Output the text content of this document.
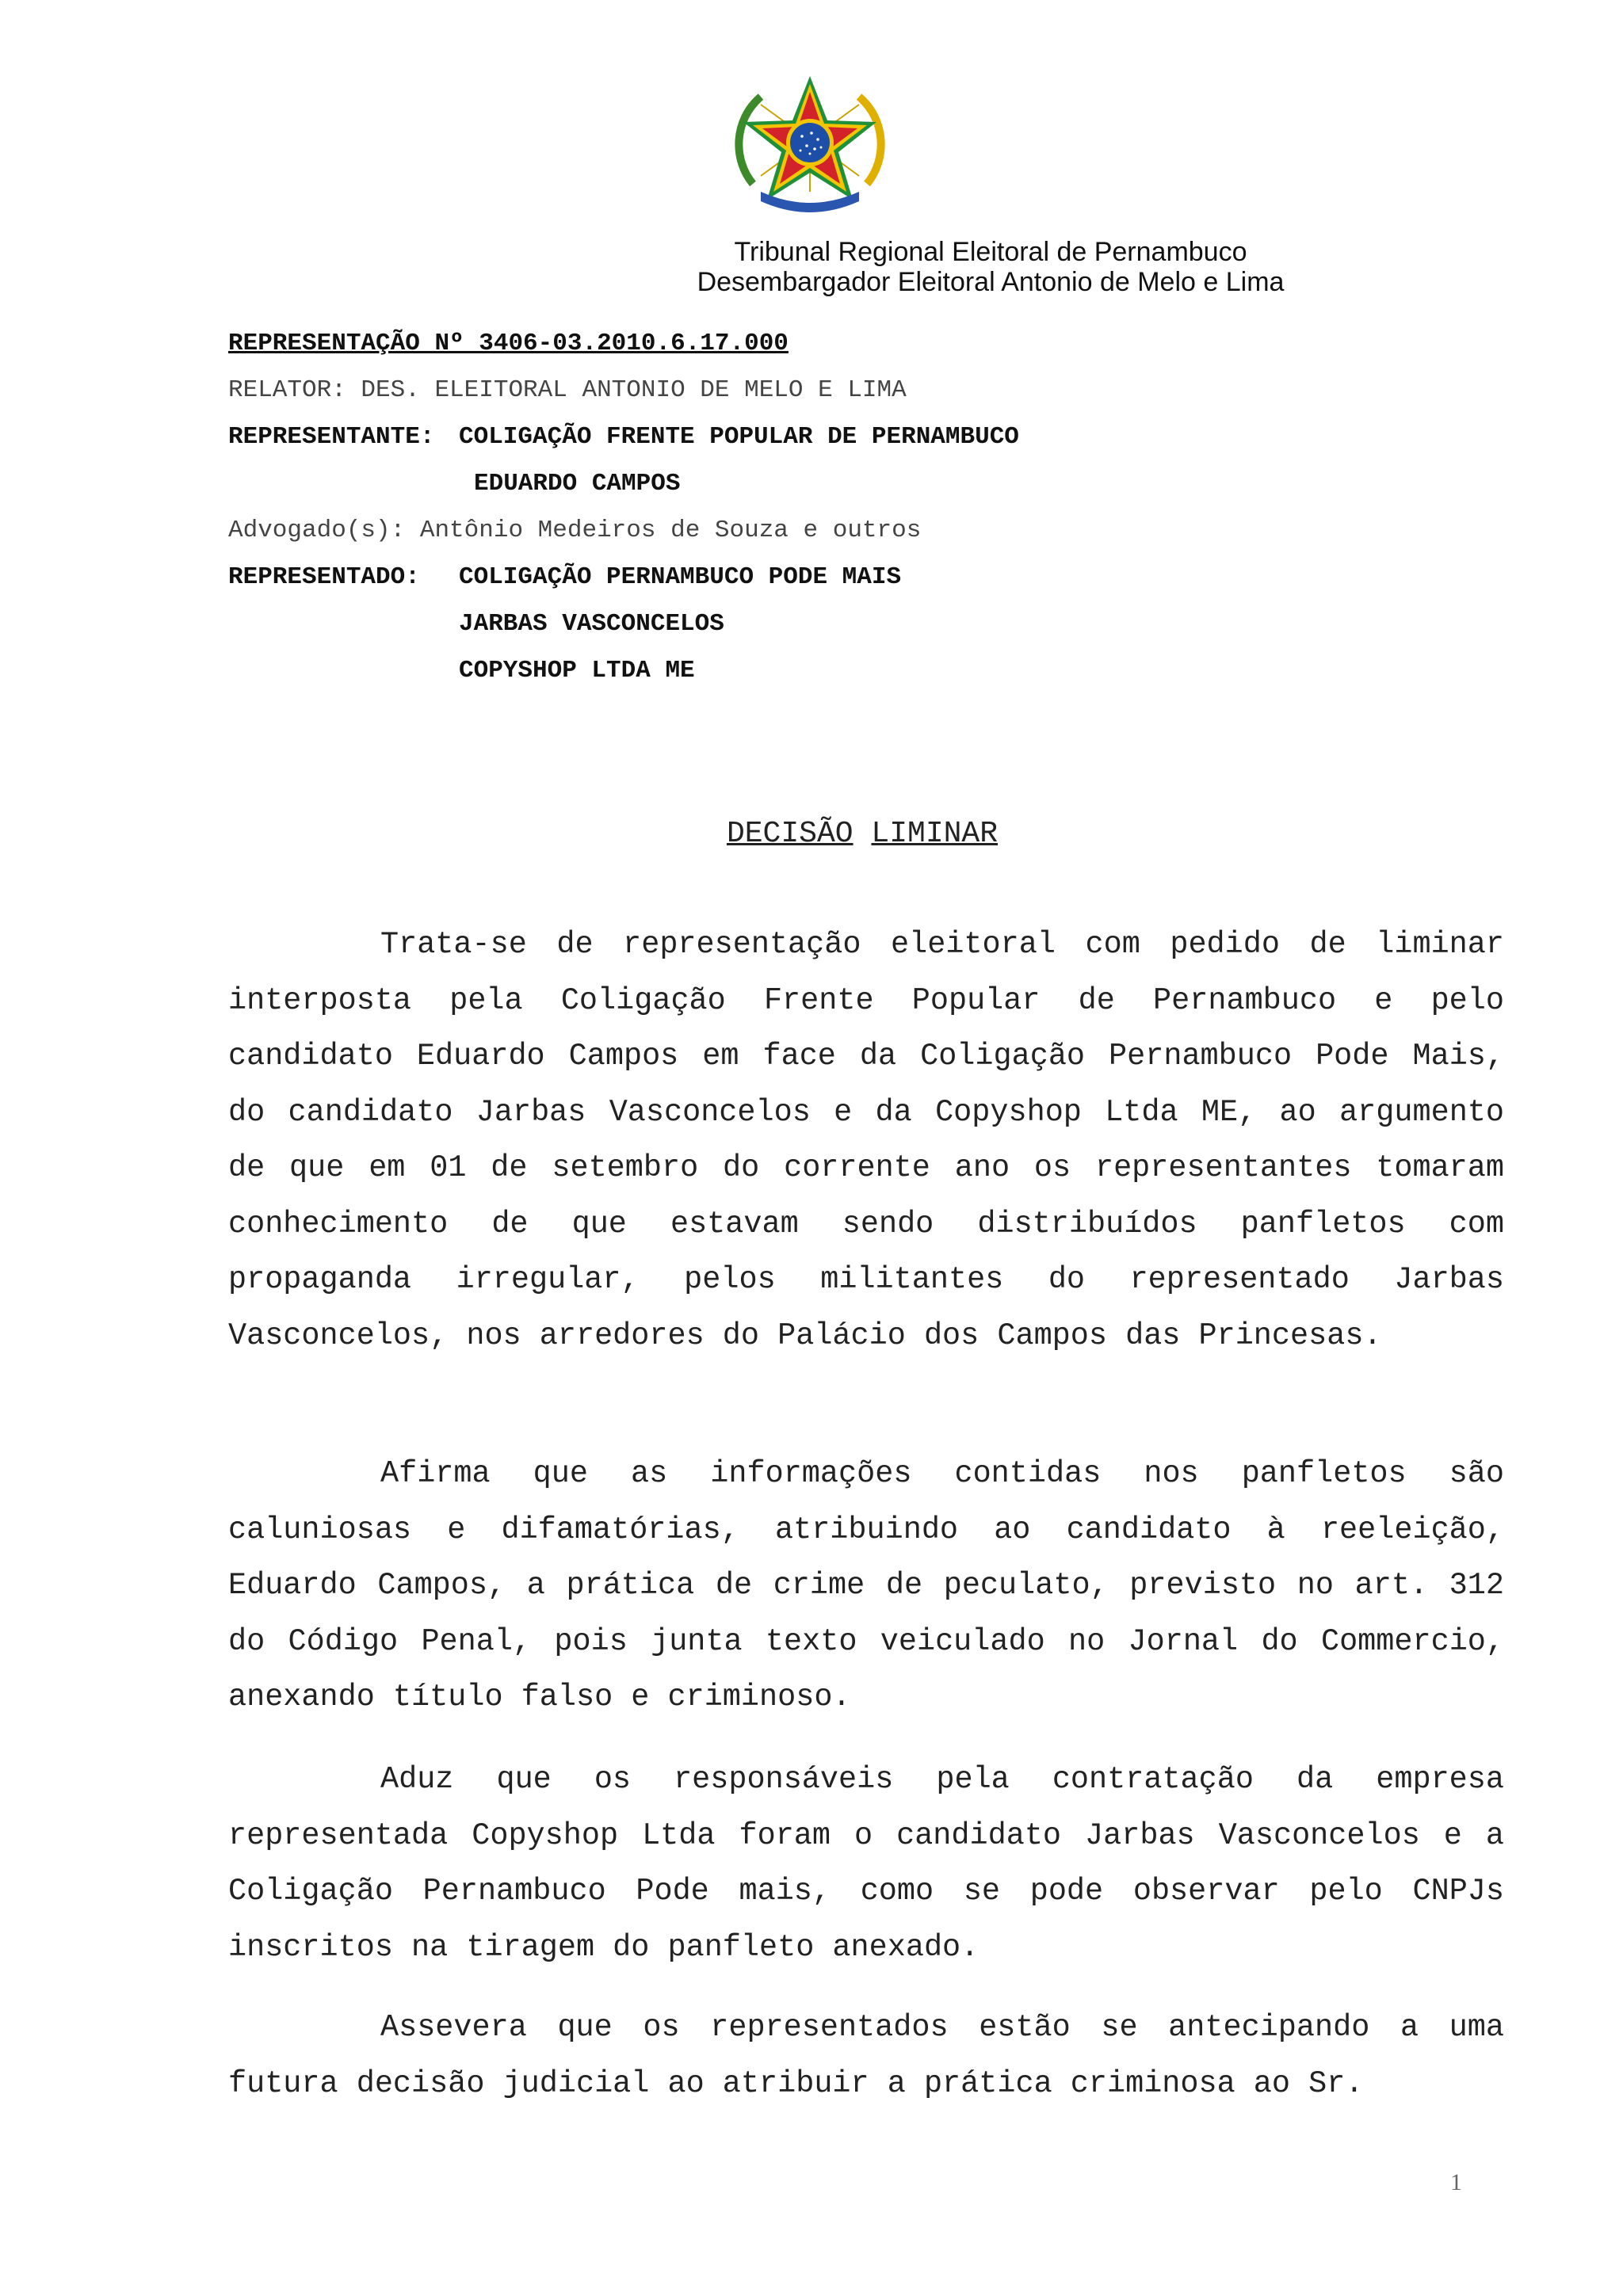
Tribunal Regional Eleitoral de Pernambuco
Desembargador Eleitoral Antonio de Melo e Lima
REPRESENTAÇÃO Nº 3406-03.2010.6.17.000
RELATOR: DES. ELEITORAL ANTONIO DE MELO E LIMA
REPRESENTANTE: COLIGAÇÃO FRENTE POPULAR DE PERNAMBUCO
EDUARDO CAMPOS
Advogado(s): Antônio Medeiros de Souza e outros
REPRESENTADO: COLIGAÇÃO PERNAMBUCO PODE MAIS
JARBAS VASCONCELOS
COPYSHOP LTDA ME
DECISÃO LIMINAR

Trata-se de representação eleitoral com pedido de liminar interposta pela Coligação Frente Popular de Pernambuco e pelo candidato Eduardo Campos em face da Coligação Pernambuco Pode Mais, do candidato Jarbas Vasconcelos e da Copyshop Ltda ME, ao argumento de que em 01 de setembro do corrente ano os representantes tomaram conhecimento de que estavam sendo distribuídos panfletos com propaganda irregular, pelos militantes do representado Jarbas Vasconcelos, nos arredores do Palácio dos Campos das Princesas.

Afirma que as informações contidas nos panfletos são caluniosas e difamatórias, atribuindo ao candidato à reeleição, Eduardo Campos, a prática de crime de peculato, previsto no art. 312 do Código Penal, pois junta texto veiculado no Jornal do Commercio, anexando título falso e criminoso.

Aduz que os responsáveis pela contratação da empresa representada Copyshop Ltda foram o candidato Jarbas Vasconcelos e a Coligação Pernambuco Pode mais, como se pode observar pelo CNPJs inscritos na tiragem do panfleto anexado.

Assevera que os representados estão se antecipando a uma futura decisão judicial ao atribuir a prática criminosa ao Sr.

1
